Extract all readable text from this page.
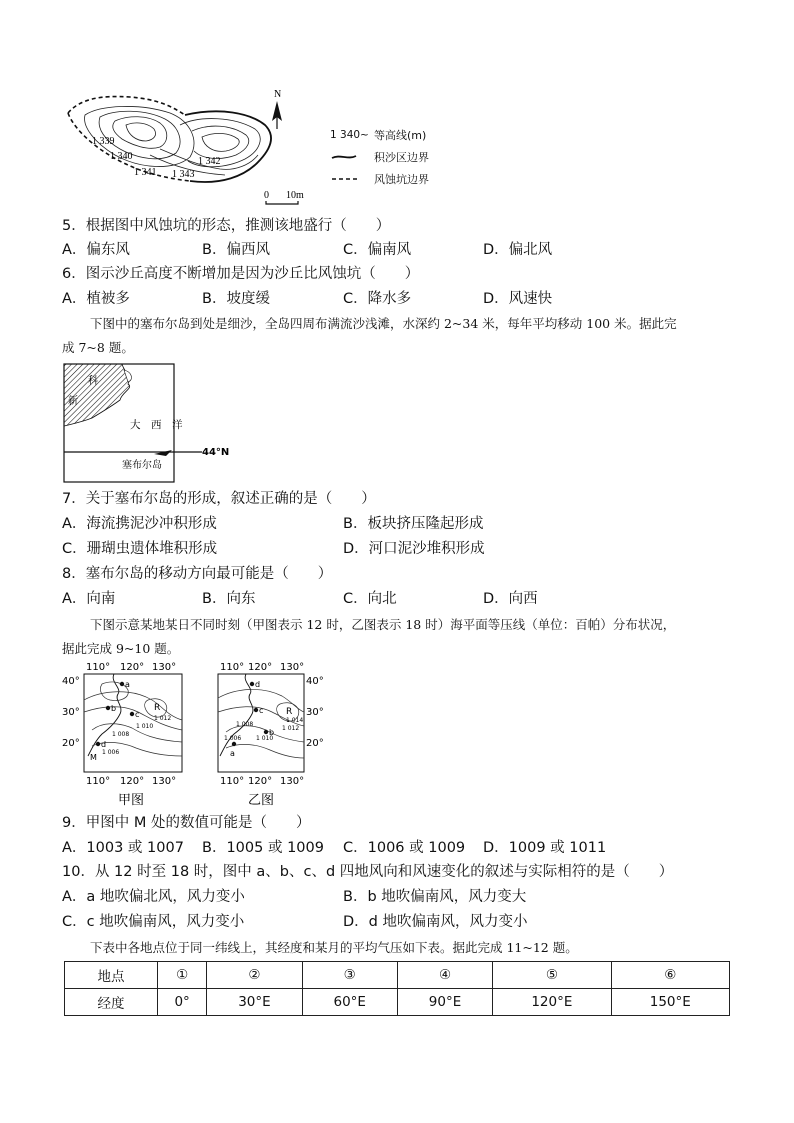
1 339
1 340
1 341 1 343
1 342
N
0 10m
1 340~ 等高线(m)
积沙区边界
风蚀坑边界
5．根据图中风蚀坑的形态，推测该地盛行（　　）
A．偏东风	B．偏西风	C．偏南风	D．偏北风
6．图示沙丘高度不断增加是因为沙丘比风蚀坑（　　）
A．植被多	B．坡度缓	C．降水多	D．风速快
下图中的塞布尔岛到处是细沙，全岛四周布满流沙浅滩，水深约 2~34 米，每年平均移动 100 米。据此完
成 7~8 题。
科
新
大　西　洋
44°N
塞布尔岛
7．关于塞布尔岛的形成，叙述正确的是（　　）
A．海流携泥沙冲积形成	B．板块挤压隆起形成
C．珊瑚虫遗体堆积形成	D．河口泥沙堆积形成
8．塞布尔岛的移动方向最可能是（　　）
A．向南	B．向东	C．向北	D．向西
下图示意某地某日不同时刻（甲图表示 12 时，乙图表示 18 时）海平面等压线（单位：百帕）分布状况，
据此完成 9~10 题。
110° 120° 130°
40°
30°
20°
a
b
c
d
R
M
1 012
1 010
1 008
1 006
110° 120° 130°
甲图
110° 120° 130°
40°
30°
20°
d
c
b
a
R
1 014
1 012
1 010
1 008
1 006
110° 120° 130°
乙图
9．甲图中 M 处的数值可能是（　　）
A．1003 或 1007 B．1005 或 1009 C．1006 或 1009 D．1009 或 1011
10．从 12 时至 18 时，图中 a、b、c、d 四地风向和风速变化的叙述与实际相符的是（　　）
A．a 地吹偏北风，风力变小	B．b 地吹偏南风，风力变大
C．c 地吹偏南风，风力变小	D．d 地吹偏南风，风力变小
下表中各地点位于同一纬线上，其经度和某月的平均气压如下表。据此完成 11~12 题。
地点	①	②	③	④	⑤	⑥
经度	0°	30°E	60°E	90°E	120°E	150°E
